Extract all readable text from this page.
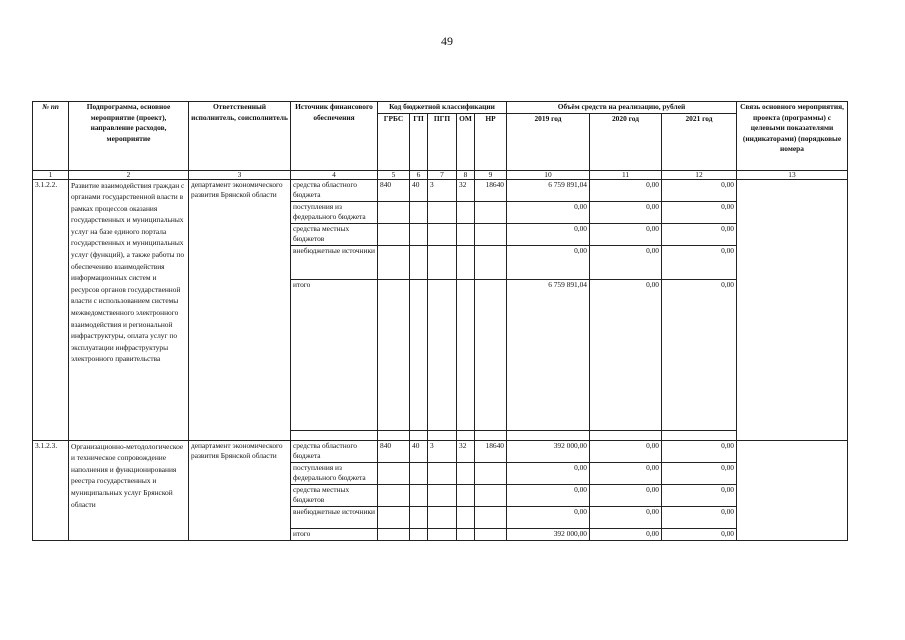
49
№ пп	Подпрограмма, основное мероприятие (проект), направление расходов, мероприятие	Ответственный исполнитель, соисполнитель	Источник финансового обеспечения	Код бюджетной классификации					Объём средств на реализацию, рублей			Связь основного мероприятия, проекта (программы) с целевыми показателями (индикаторами) (порядковые номера
				ГРБС	ГП	ПГП	ОМ	НР	2019 год	2020 год	2021 год	
1	2	3	4	5	6	7	8	9	10	11	12	13
3.1.2.2.	Развитие взаимодействия граждан с органами государственной власти в рамках процессов оказания государственных и муниципальных услуг на базе единого портала государственных и муниципальных услуг (функций), а также работы по обеспечению взаимодействия информационных систем и ресурсов органов государственной власти с использованием системы межведомственного электронного взаимодействия и региональной инфраструктуры, оплата услуг по эксплуатации инфраструктуры электронного правительства	департамент экономического развития Брянской области	средства областного бюджета	840	40	3	32	18640	6 759 891,04	0,00	0,00	
			поступления из федерального бюджета						0,00	0,00	0,00	
			средства местных бюджетов						0,00	0,00	0,00	
			внебюджетные источники						0,00	0,00	0,00	
			итого						6 759 891,04	0,00	0,00	

3.1.2.3.	Организационно-методологическое и техническое сопровождение наполнения и функционирования реестра государственных и муниципальных услуг Брянской области	департамент экономического развития Брянской области	средства областного бюджета	840	40	3	32	18640	392 000,00	0,00	0,00	
			поступления из федерального бюджета						0,00	0,00	0,00	
			средства местных бюджетов						0,00	0,00	0,00	
			внебюджетные источники						0,00	0,00	0,00	
			итого						392 000,00	0,00	0,00	
